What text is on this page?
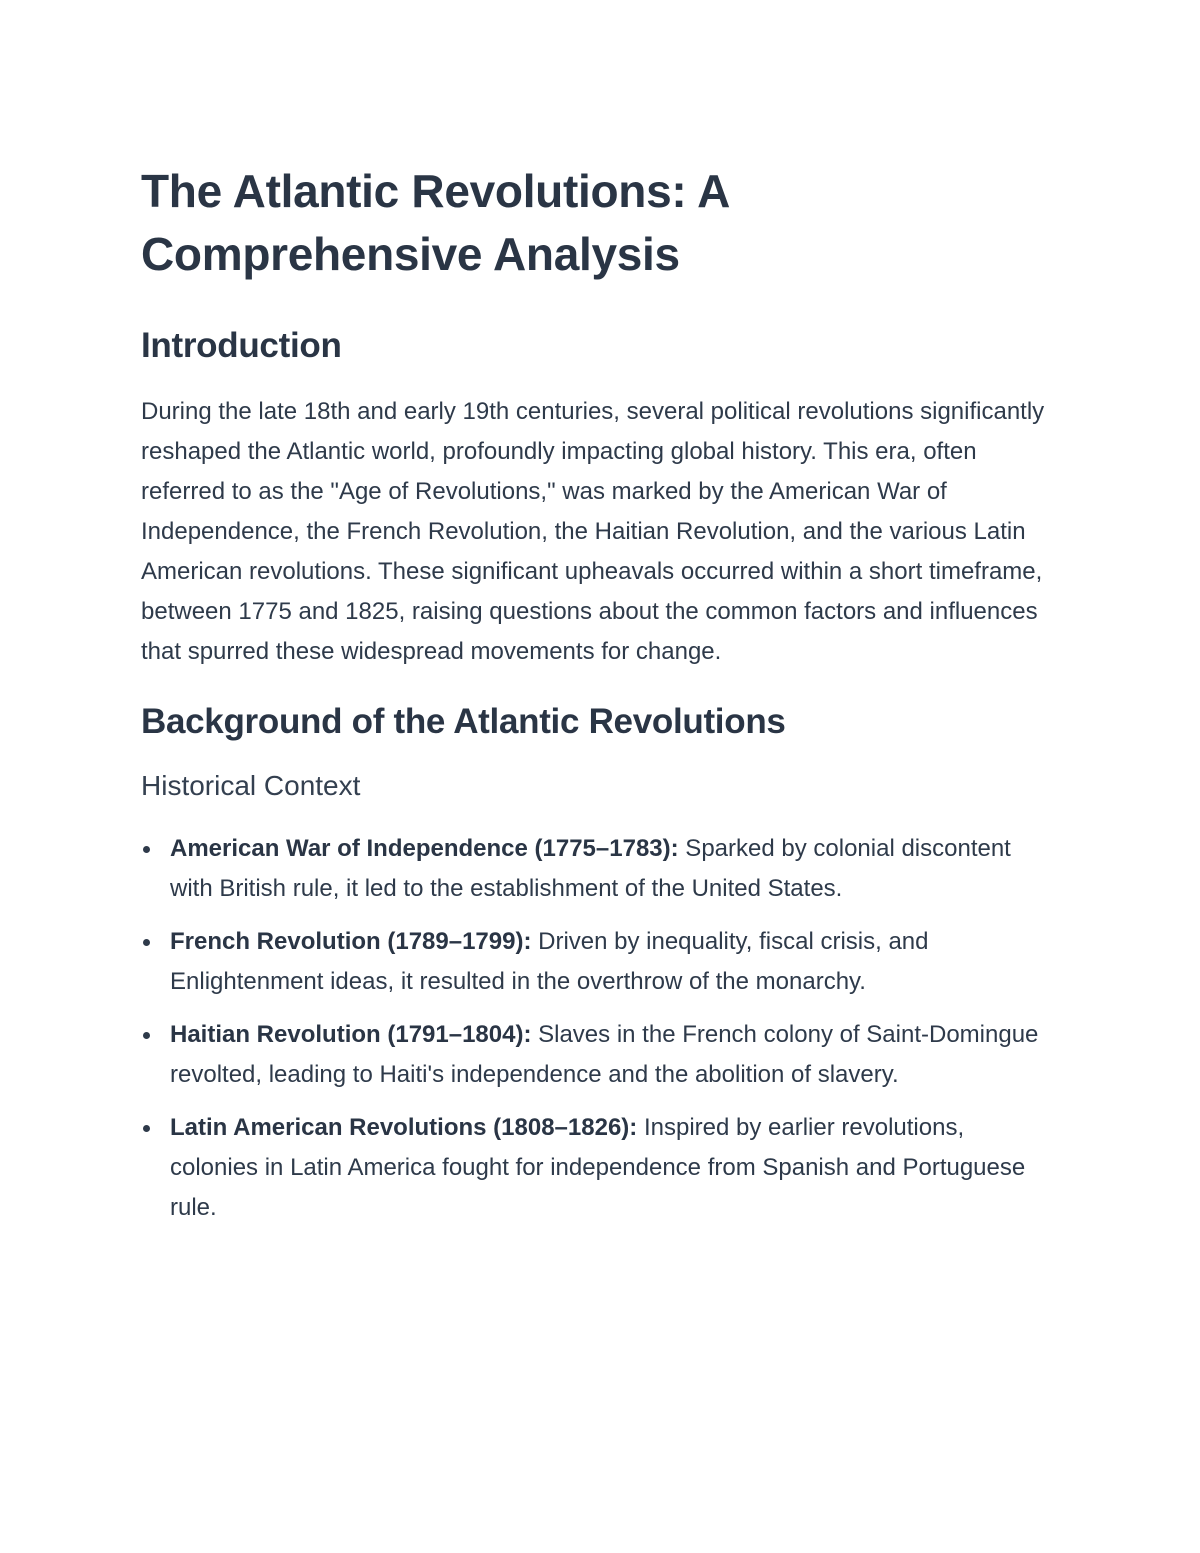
The Atlantic Revolutions: A Comprehensive Analysis
Introduction

During the late 18th and early 19th centuries, several political revolutions significantly reshaped the Atlantic world, profoundly impacting global history. This era, often referred to as the "Age of Revolutions," was marked by the American War of Independence, the French Revolution, the Haitian Revolution, and the various Latin American revolutions. These significant upheavals occurred within a short timeframe, between 1775 and 1825, raising questions about the common factors and influences that spurred these widespread movements for change.

Background of the Atlantic Revolutions
Historical Context
American War of Independence (1775–1783): Sparked by colonial discontent with British rule, it led to the establishment of the United States.
French Revolution (1789–1799): Driven by inequality, fiscal crisis, and Enlightenment ideas, it resulted in the overthrow of the monarchy.
Haitian Revolution (1791–1804): Slaves in the French colony of Saint-Domingue revolted, leading to Haiti's independence and the abolition of slavery.
Latin American Revolutions (1808–1826): Inspired by earlier revolutions, colonies in Latin America fought for independence from Spanish and Portuguese rule.
